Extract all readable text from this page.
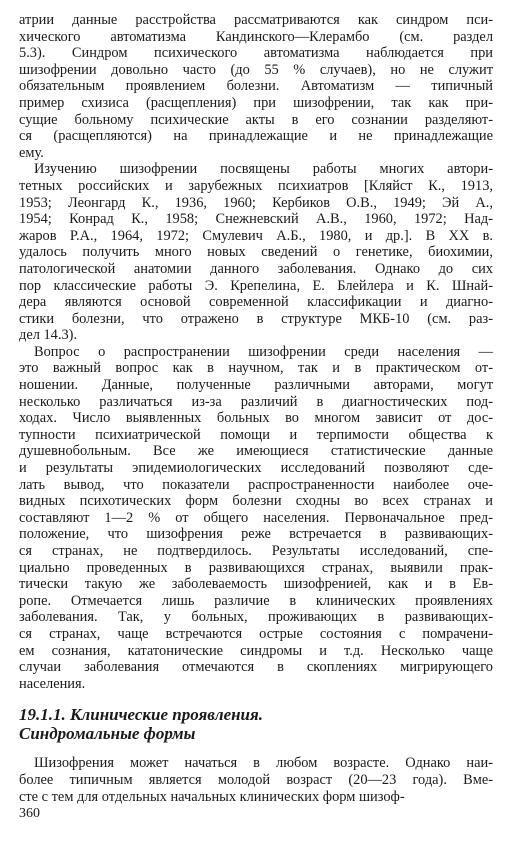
атрии данные расстройства рассматриваются как синдром пси-
хического автоматизма Кандинского—Клерамбо (см. раздел
5.3). Синдром психического автоматизма наблюдается при
шизофрении довольно часто (до 55 % случаев), но не служит
обязательным проявлением болезни. Автоматизм — типичный
пример схизиса (расщепления) при шизофрении, так как при-
сущие больному психические акты в его сознании разделяют-
ся (расщепляются) на принадлежащие и не принадлежащие
ему.

Изучению шизофрении посвящены работы многих автори-
тетных российских и зарубежных психиатров [Кляйст К., 1913,
1953; Леонгард К., 1936, 1960; Кербиков О.В., 1949; Эй А.,
1954; Конрад К., 1958; Снежневский А.В., 1960, 1972; Над-
жаров Р.А., 1964, 1972; Смулевич А.Б., 1980, и др.]. В XX в.
удалось получить много новых сведений о генетике, биохимии,
патологической анатомии данного заболевания. Однако до сих
пор классические работы Э. Крепелина, Е. Блейлера и К. Шнай-
дера являются основой современной классификации и диагно-
стики болезни, что отражено в структуре МКБ-10 (см. раз-
дел 14.3).

Вопрос о распространении шизофрении среди населения —
это важный вопрос как в научном, так и в практическом от-
ношении. Данные, полученные различными авторами, могут
несколько различаться из-за различий в диагностических под-
ходах. Число выявленных больных во многом зависит от дос-
тупности психиатрической помощи и терпимости общества к
душевнобольным. Все же имеющиеся статистические данные
и результаты эпидемиологических исследований позволяют сде-
лать вывод, что показатели распространенности наиболее оче-
видных психотических форм болезни сходны во всех странах и
составляют 1—2 % от общего населения. Первоначальное пред-
положение, что шизофрения реже встречается в развивающих-
ся странах, не подтвердилось. Результаты исследований, спе-
циально проведенных в развивающихся странах, выявили прак-
тически такую же заболеваемость шизофренией, как и в Ев-
ропе. Отмечается лишь различие в клинических проявлениях
заболевания. Так, у больных, проживающих в развивающих-
ся странах, чаще встречаются острые состояния с помрачени-
ем сознания, кататонические синдромы и т.д. Несколько чаще
случаи заболевания отмечаются в скоплениях мигрирующего
населения.

19.1.1. Клинические проявления.
Синдромальные формы

Шизофрения может начаться в любом возрасте. Однако наи-
более типичным является молодой возраст (20—23 года). Вме-
сте с тем для отдельных начальных клинических форм шизоф-

360
